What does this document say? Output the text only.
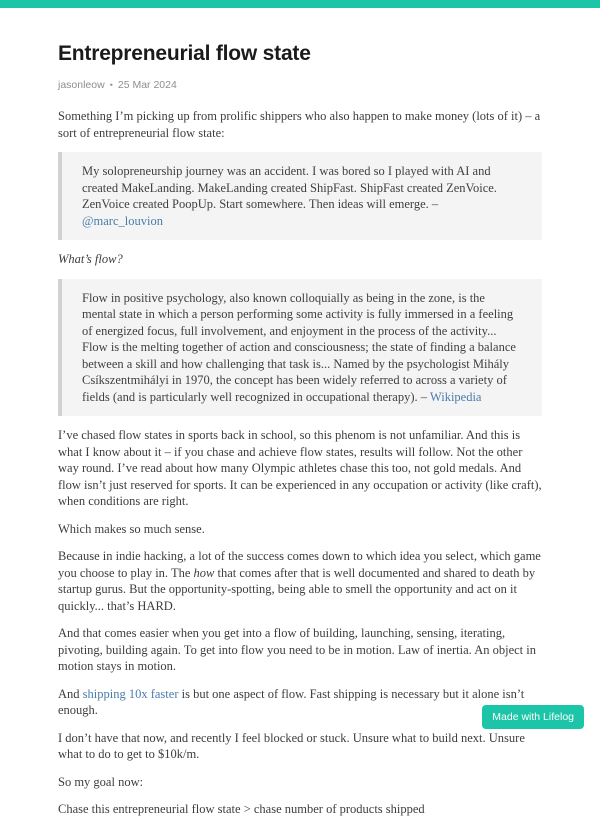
Entrepreneurial flow state
jasonleow • 25 Mar 2024

Something I’m picking up from prolific shippers who also happen to make money (lots of it) – a sort of entrepreneurial flow state:

My solopreneurship journey was an accident. I was bored so I played with AI and created MakeLanding. MakeLanding created ShipFast. ShipFast created ZenVoice. ZenVoice created PoopUp. Start somewhere. Then ideas will emerge. – @marc_louvion

What’s flow?

Flow in positive psychology, also known colloquially as being in the zone, is the mental state in which a person performing some activity is fully immersed in a feeling of energized focus, full involvement, and enjoyment in the process of the activity... Flow is the melting together of action and consciousness; the state of finding a balance between a skill and how challenging that task is... Named by the psychologist Mihály Csíkszentmihályi in 1970, the concept has been widely referred to across a variety of fields (and is particularly well recognized in occupational therapy). – Wikipedia

I’ve chased flow states in sports back in school, so this phenom is not unfamiliar. And this is what I know about it – if you chase and achieve flow states, results will follow. Not the other way round. I’ve read about how many Olympic athletes chase this too, not gold medals. And flow isn’t just reserved for sports. It can be experienced in any occupation or activity (like craft), when conditions are right.

Which makes so much sense.

Because in indie hacking, a lot of the success comes down to which idea you select, which game you choose to play in. The how that comes after that is well documented and shared to death by startup gurus. But the opportunity-spotting, being able to smell the opportunity and act on it quickly... that’s HARD.

And that comes easier when you get into a flow of building, launching, sensing, iterating, pivoting, building again. To get into flow you need to be in motion. Law of inertia. An object in motion stays in motion.

And shipping 10x faster is but one aspect of flow. Fast shipping is necessary but it alone isn’t enough.

I don’t have that now, and recently I feel blocked or stuck. Unsure what to build next. Unsure what to do to get to $10k/m.

So my goal now:

Chase this entrepreneurial flow state > chase number of products shipped

Made with Lifelog
